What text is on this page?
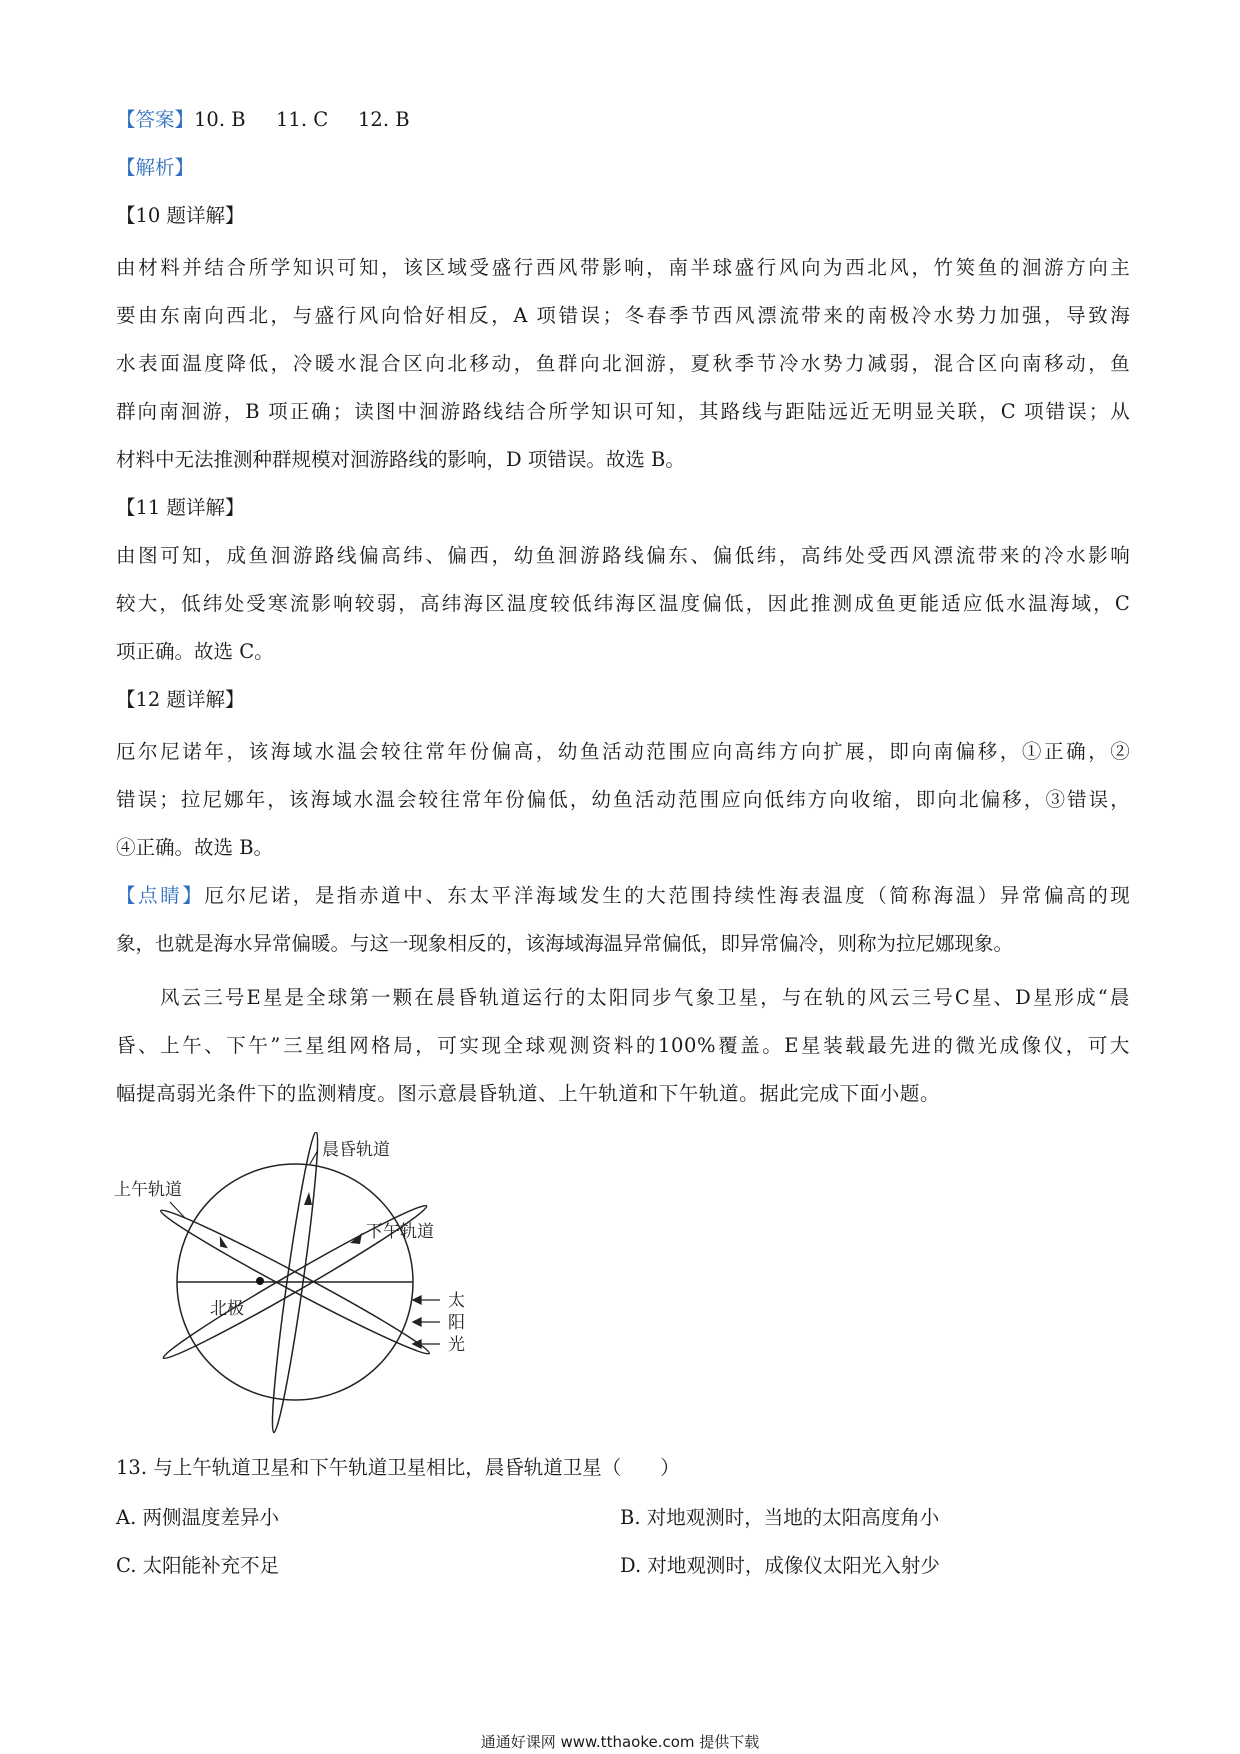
【答案】10. B 11. C 12. B
【解析】
【10 题详解】
由材料并结合所学知识可知，该区域受盛行西风带影响，南半球盛行风向为西北风，竹筴鱼的洄游方向主
要由东南向西北，与盛行风向恰好相反，A 项错误；冬春季节西风漂流带来的南极冷水势力加强，导致海
水表面温度降低，冷暖水混合区向北移动，鱼群向北洄游，夏秋季节冷水势力减弱，混合区向南移动，鱼
群向南洄游，B 项正确；读图中洄游路线结合所学知识可知，其路线与距陆远近无明显关联，C 项错误；从
材料中无法推测种群规模对洄游路线的影响，D 项错误。故选 B。
【11 题详解】
由图可知，成鱼洄游路线偏高纬、偏西，幼鱼洄游路线偏东、偏低纬，高纬处受西风漂流带来的冷水影响
较大，低纬处受寒流影响较弱，高纬海区温度较低纬海区温度偏低，因此推测成鱼更能适应低水温海域，C
项正确。故选 C。
【12 题详解】
厄尔尼诺年，该海域水温会较往常年份偏高，幼鱼活动范围应向高纬方向扩展，即向南偏移，①正确，②
错误；拉尼娜年，该海域水温会较往常年份偏低，幼鱼活动范围应向低纬方向收缩，即向北偏移，③错误，
④正确。故选 B。
【点睛】厄尔尼诺，是指赤道中、东太平洋海域发生的大范围持续性海表温度（简称海温）异常偏高的现
象，也就是海水异常偏暖。与这一现象相反的，该海域海温异常偏低，即异常偏冷，则称为拉尼娜现象。
风云三号E星是全球第一颗在晨昏轨道运行的太阳同步气象卫星，与在轨的风云三号C星、D星形成“晨
昏、上午、下午”三星组网格局，可实现全球观测资料的100%覆盖。E星装载最先进的微光成像仪，可大
幅提高弱光条件下的监测精度。图示意晨昏轨道、上午轨道和下午轨道。据此完成下面小题。
晨昏轨道
上午轨道
下午轨道
北极	太
阳
光
13. 与上午轨道卫星和下午轨道卫星相比，晨昏轨道卫星（　　）
A. 两侧温度差异小	B. 对地观测时，当地的太阳高度角小
C. 太阳能补充不足	D. 对地观测时，成像仪太阳光入射少
通通好课网 www.tthaoke.com 提供下载
